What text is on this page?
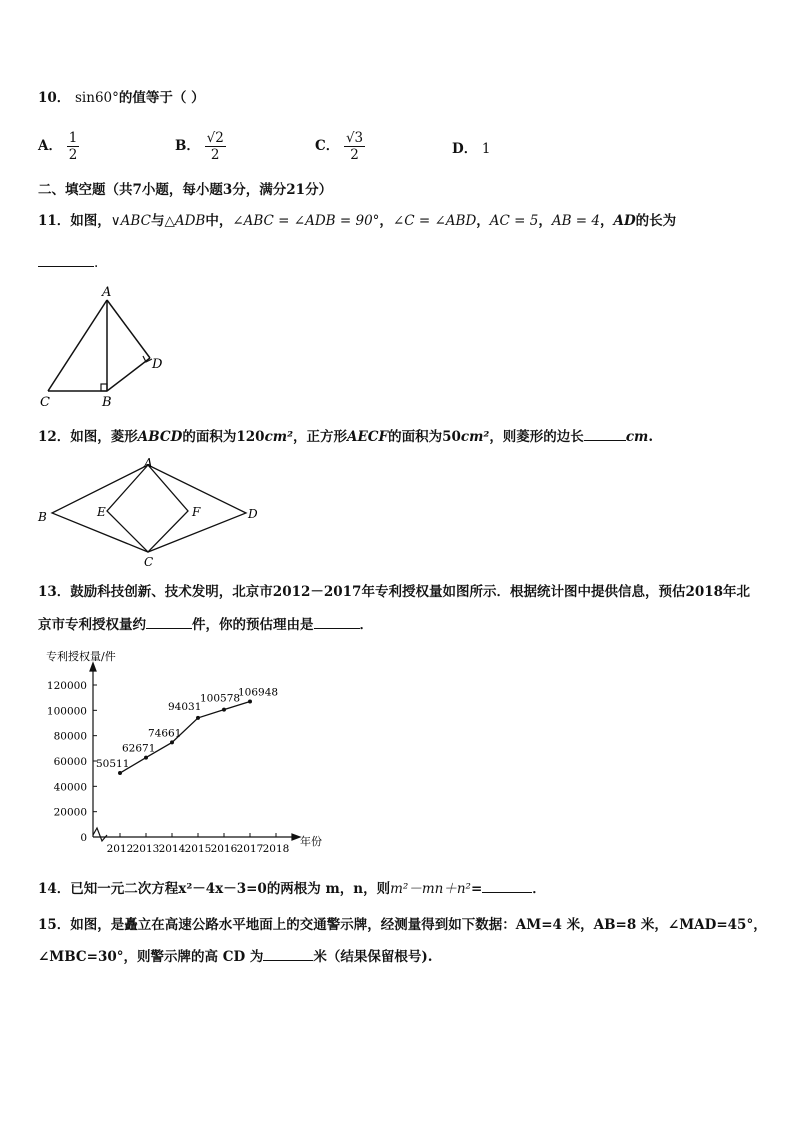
10． sin60°的值等于（ ）
A． $\frac{1}{2}$	B． $\frac{√2}{2}$	C． $\frac{√3}{2}$	D． 1
二、填空题（共7小题，每小题3分，满分21分）
11．如图，∨ABC与△ADB中，∠ABC = ∠ADB = 90°，∠C = ∠ABD，AC = 5，AB = 4，AD的长为
.
A
B
C
D
12．如图，菱形ABCD的面积为120cm²，正方形AECF的面积为50cm²，则菱形的边长	cm.
A
B
C
D
E	F
13．鼓励科技创新、技术发明，北京市2012－2017年专利授权量如图所示．根据统计图中提供信息，预估2018年北
京市专利授权量约	件，你的预估理由是	．
专利授权量/件
年份
0
20000
40000
60000
80000
100000
120000
2012 2013 2014 2015 2016 2017 2018
50511
62671
74661
94031
100578
106948
14．已知一元二次方程x²－4x－3=0的两根为 m，n，则m²－mn＋n²=	．
15．如图，是矗立在高速公路水平地面上的交通警示牌，经测量得到如下数据：AM=4 米，AB=8 米，∠MAD=45°，
∠MBC=30°，则警示牌的高 CD 为	米（结果保留根号).
